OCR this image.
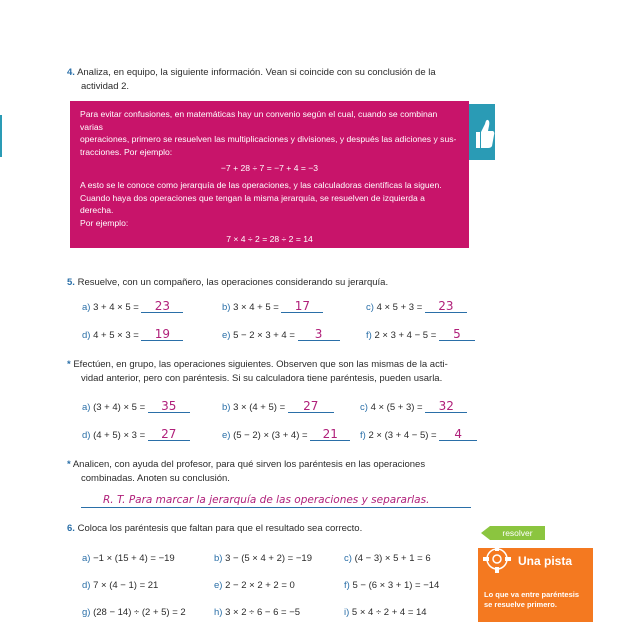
4. Analiza, en equipo, la siguiente información. Vean si coincide con su conclusión de la
actividad 2.
Para evitar confusiones, en matemáticas hay un convenio según el cual, cuando se combinan varias
operaciones, primero se resuelven las multiplicaciones y divisiones, y después las adiciones y sus-
tracciones. Por ejemplo:
−7 + 28 ÷ 7 = −7 + 4 = −3
A esto se le conoce como jerarquía de las operaciones, y las calculadoras científicas la siguen.
Cuando haya dos operaciones que tengan la misma jerarquía, se resuelven de izquierda a derecha.
Por ejemplo:
7 × 4 ÷ 2 = 28 ÷ 2 = 14
Primero se hizo la multiplicación y luego la división.
5. Resuelve, con un compañero, las operaciones considerando su jerarquía.
a) 3 + 4 × 5 = 23	b) 3 × 4 + 5 = 17	c) 4 × 5 + 3 = 23
d) 4 + 5 × 3 = 19	e) 5 − 2 × 3 + 4 = 3	f) 2 × 3 + 4 − 5 = 5
* Efectúen, en grupo, las operaciones siguientes. Observen que son las mismas de la acti-
vidad anterior, pero con paréntesis. Si su calculadora tiene paréntesis, pueden usarla.
a) (3 + 4) × 5 = 35	b) 3 × (4 + 5) = 27	c) 4 × (5 + 3) = 32
d) (4 + 5) × 3 = 27	e) (5 − 2) × (3 + 4) = 21	f) 2 × (3 + 4 − 5) = 4
* Analicen, con ayuda del profesor, para qué sirven los paréntesis en las operaciones
combinadas. Anoten su conclusión.
R. T. Para marcar la jerarquía de las operaciones y separarlas.
6. Coloca los paréntesis que faltan para que el resultado sea correcto.
a) −1 × (15 + 4) = −19	b) 3 − (5 × 4 + 2) = −19	c) (4 − 3) × 5 + 1 = 6
d) 7 × (4 − 1) = 21	e) 2 − 2 × 2 + 2 = 0	f) 5 − (6 × 3 + 1) = −14
g) (28 − 14) ÷ (2 + 5) = 2	h) 3 × 2 ÷ 6 − 6 = −5	i) 5 × 4 ÷ 2 + 4 = 14
resolver
Una pista
Lo que va entre paréntesis se resuelve primero.
